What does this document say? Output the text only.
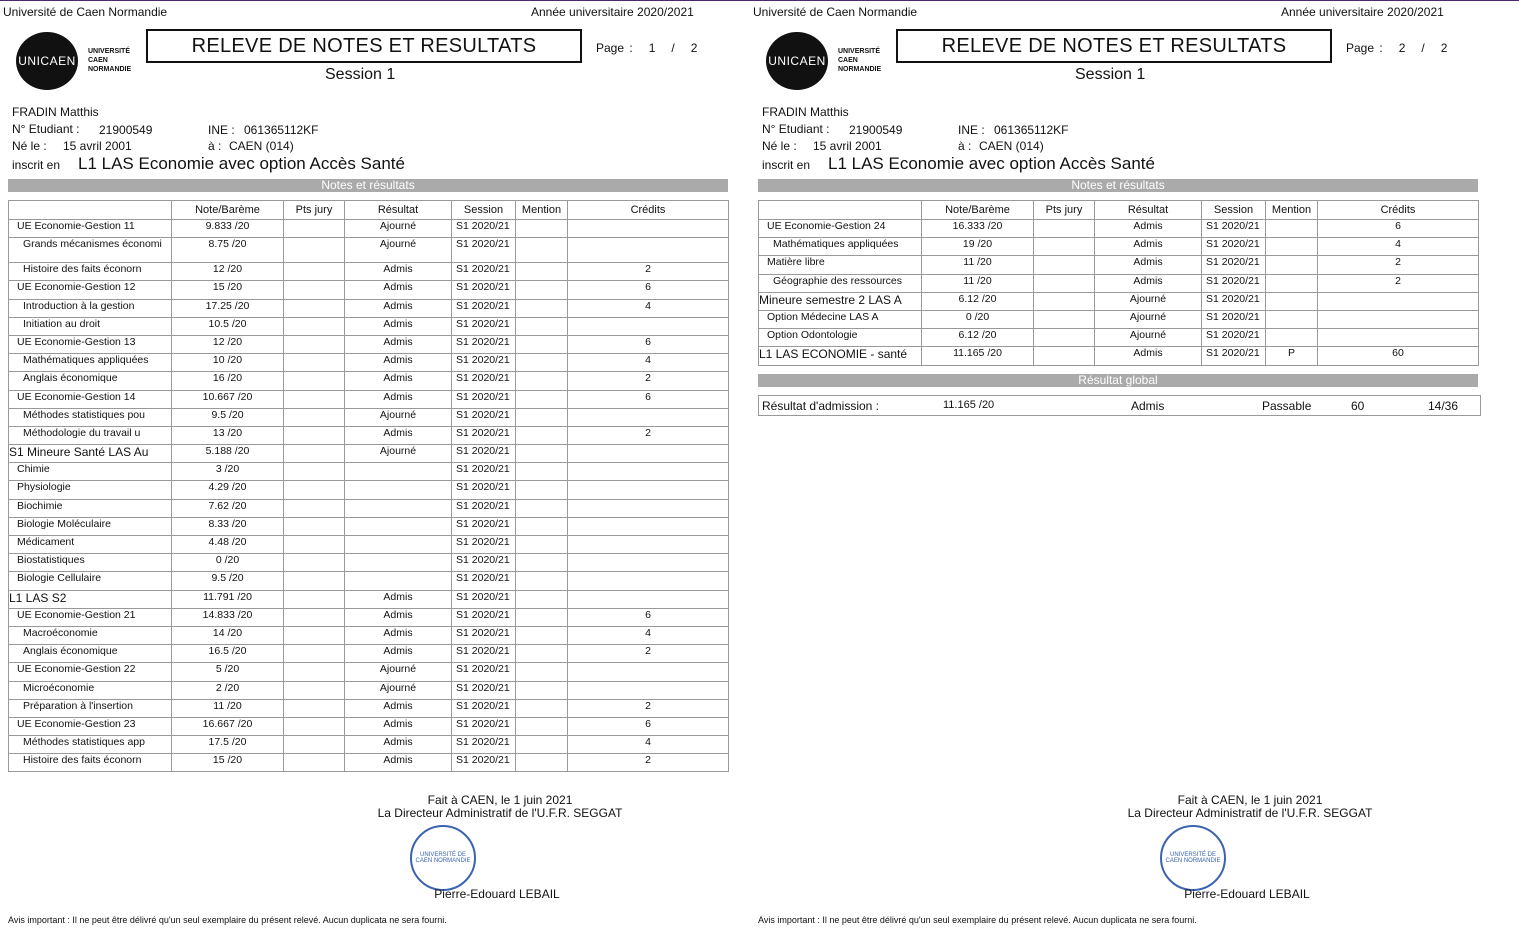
Université de Caen Normandie	Année universitaire 2020/2021
UNICAEN
UNIVERSITÉ
CAEN
NORMANDIE
RELEVE DE NOTES ET RESULTATS
Session 1
Page : 1 / 2
FRADIN Matthis
N° Etudiant : 21900549	INE : 061365112KF
Né le : 15 avril 2001	à : CAEN (014)
inscrit en L1 LAS Economie avec option Accès Santé
Notes et résultats
	Note/Barème	Pts jury	Résultat	Session	Mention	Crédits
UE Economie-Gestion 11	9.833 /20		Ajourné	S1 2020/21		
Grands mécanismes économi	8.75 /20		Ajourné	S1 2020/21		
Histoire des faits éconorn	12 /20		Admis	S1 2020/21		2
UE Economie-Gestion 12	15 /20		Admis	S1 2020/21		6
Introduction à la gestion	17.25 /20		Admis	S1 2020/21		4
Initiation au droit	10.5 /20		Admis	S1 2020/21		
UE Economie-Gestion 13	12 /20		Admis	S1 2020/21		6
Mathématiques appliquées	10 /20		Admis	S1 2020/21		4
Anglais économique	16 /20		Admis	S1 2020/21		2
UE Economie-Gestion 14	10.667 /20		Admis	S1 2020/21		6
Méthodes statistiques pou	9.5 /20		Ajourné	S1 2020/21		
Méthodologie du travail u	13 /20		Admis	S1 2020/21		2
S1 Mineure Santé LAS Au	5.188 /20		Ajourné	S1 2020/21		
Chimie	3 /20			S1 2020/21		
Physiologie	4.29 /20			S1 2020/21		
Biochimie	7.62 /20			S1 2020/21		
Biologie Moléculaire	8.33 /20			S1 2020/21		
Médicament	4.48 /20			S1 2020/21		
Biostatistiques	0 /20			S1 2020/21		
Biologie Cellulaire	9.5 /20			S1 2020/21		
L1 LAS S2	11.791 /20		Admis	S1 2020/21		
UE Economie-Gestion 21	14.833 /20		Admis	S1 2020/21		6
Macroéconomie	14 /20		Admis	S1 2020/21		4
Anglais économique	16.5 /20		Admis	S1 2020/21		2
UE Economie-Gestion 22	5 /20		Ajourné	S1 2020/21		
Microéconomie	2 /20		Ajourné	S1 2020/21		
Préparation à l'insertion	11 /20		Admis	S1 2020/21		2
UE Economie-Gestion 23	16.667 /20		Admis	S1 2020/21		6
Méthodes statistiques app	17.5 /20		Admis	S1 2020/21		4
Histoire des faits éconorn	15 /20		Admis	S1 2020/21		2
Fait à CAEN, le 1 juin 2021
La Directeur Administratif de l'U.F.R. SEGGAT
UNIVERSITÉ DE CAEN NORMANDIE
Pierre-Edouard LEBAIL
Avis important : Il ne peut être délivré qu'un seul exemplaire du présent relevé. Aucun duplicata ne sera fourni.
Université de Caen Normandie	Année universitaire 2020/2021
UNICAEN
UNIVERSITÉ
CAEN
NORMANDIE
RELEVE DE NOTES ET RESULTATS
Session 1
Page : 2 / 2
FRADIN Matthis
N° Etudiant : 21900549	INE : 061365112KF
Né le : 15 avril 2001	à : CAEN (014)
inscrit en L1 LAS Economie avec option Accès Santé
Notes et résultats
	Note/Barème	Pts jury	Résultat	Session	Mention	Crédits
UE Economie-Gestion 24	16.333 /20		Admis	S1 2020/21		6
Mathématiques appliquées	19 /20		Admis	S1 2020/21		4
Matière libre	11 /20		Admis	S1 2020/21		2
Géographie des ressources	11 /20		Admis	S1 2020/21		2
Mineure semestre 2 LAS A	6.12 /20		Ajourné	S1 2020/21		
Option Médecine LAS A	0 /20		Ajourné	S1 2020/21		
Option Odontologie	6.12 /20		Ajourné	S1 2020/21		
L1 LAS ECONOMIE - santé	11.165 /20		Admis	S1 2020/21	P	60
Résultat global
Fait à CAEN, le 1 juin 2021
La Directeur Administratif de l'U.F.R. SEGGAT
UNIVERSITÉ DE CAEN NORMANDIE
Pierre-Edouard LEBAIL
Avis important : Il ne peut être délivré qu'un seul exemplaire du présent relevé. Aucun duplicata ne sera fourni.
Résultat d'admission :	11.165 /20	Admis	Passable	60	14/36
